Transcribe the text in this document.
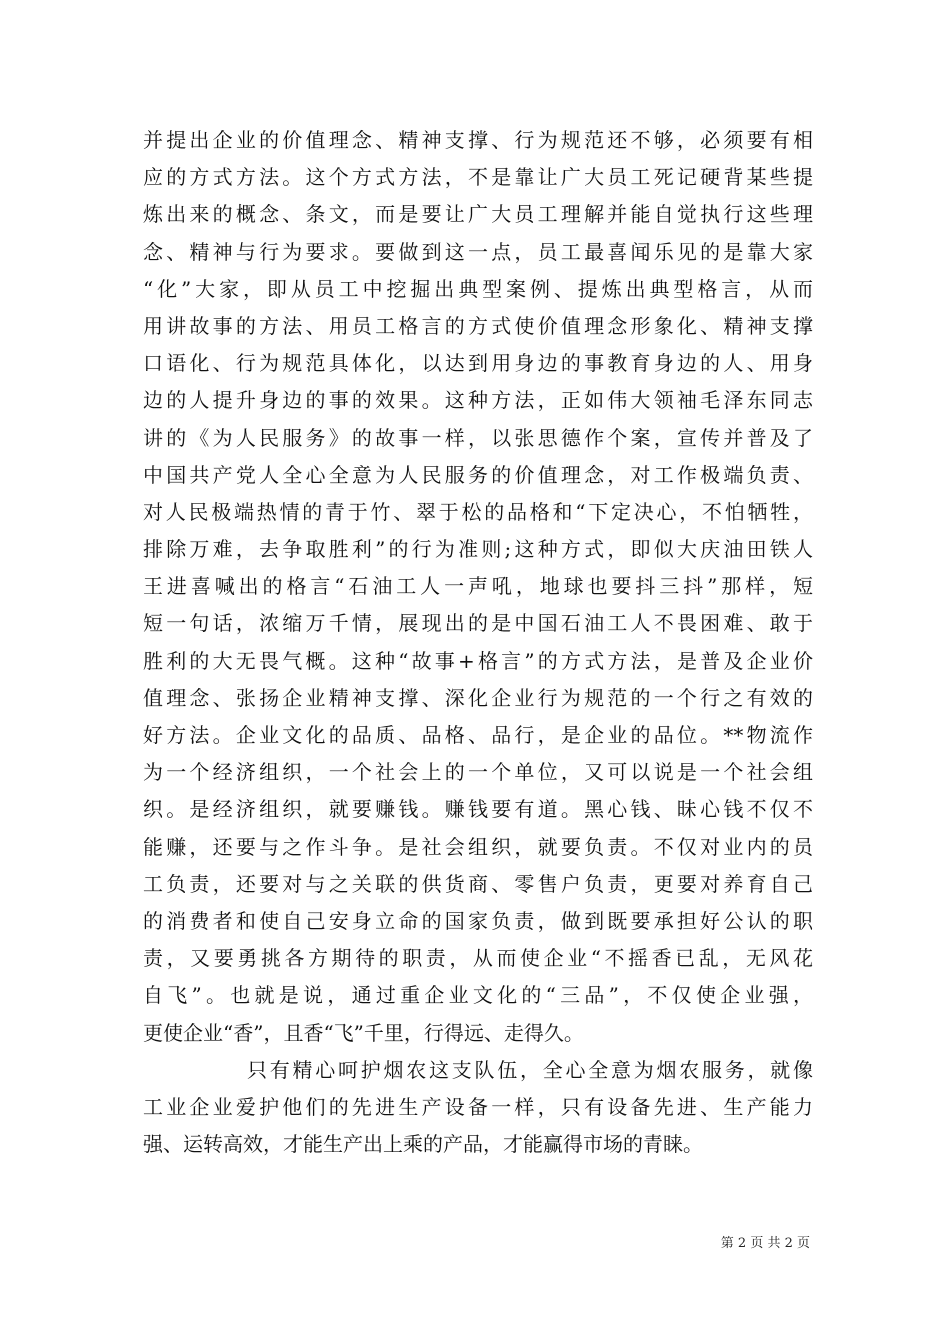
并提出企业的价值理念、精神支撑、行为规范还不够，必须要有相
应的方式方法。这个方式方法，不是靠让广大员工死记硬背某些提
炼出来的概念、条文，而是要让广大员工理解并能自觉执行这些理
念、精神与行为要求。要做到这一点，员工最喜闻乐见的是靠大家
“化”大家，即从员工中挖掘出典型案例、提炼出典型格言，从而
用讲故事的方法、用员工格言的方式使价值理念形象化、精神支撑
口语化、行为规范具体化，以达到用身边的事教育身边的人、用身
边的人提升身边的事的效果。这种方法，正如伟大领袖毛泽东同志
讲的《为人民服务》的故事一样，以张思德作个案，宣传并普及了
中国共产党人全心全意为人民服务的价值理念，对工作极端负责、
对人民极端热情的青于竹、翠于松的品格和“下定决心，不怕牺牲，
排除万难，去争取胜利”的行为准则;这种方式，即似大庆油田铁人
王进喜喊出的格言“石油工人一声吼，地球也要抖三抖”那样，短
短一句话，浓缩万千情，展现出的是中国石油工人不畏困难、敢于
胜利的大无畏气概。这种“故事+格言”的方式方法，是普及企业价
值理念、张扬企业精神支撑、深化企业行为规范的一个行之有效的
好方法。企业文化的品质、品格、品行，是企业的品位。**物流作
为一个经济组织，一个社会上的一个单位，又可以说是一个社会组
织。是经济组织，就要赚钱。赚钱要有道。黑心钱、昧心钱不仅不
能赚，还要与之作斗争。是社会组织，就要负责。不仅对业内的员
工负责，还要对与之关联的供货商、零售户负责，更要对养育自己
的消费者和使自己安身立命的国家负责，做到既要承担好公认的职
责，又要勇挑各方期待的职责，从而使企业“不摇香已乱，无风花
自飞”。也就是说，通过重企业文化的“三品”，不仅使企业强，
更使企业“香”，且香“飞”千里，行得远、走得久。
只有精心呵护烟农这支队伍，全心全意为烟农服务，就像
工业企业爱护他们的先进生产设备一样，只有设备先进、生产能力
强、运转高效，才能生产出上乘的产品，才能赢得市场的青睐。
第 2 页 共 2 页
